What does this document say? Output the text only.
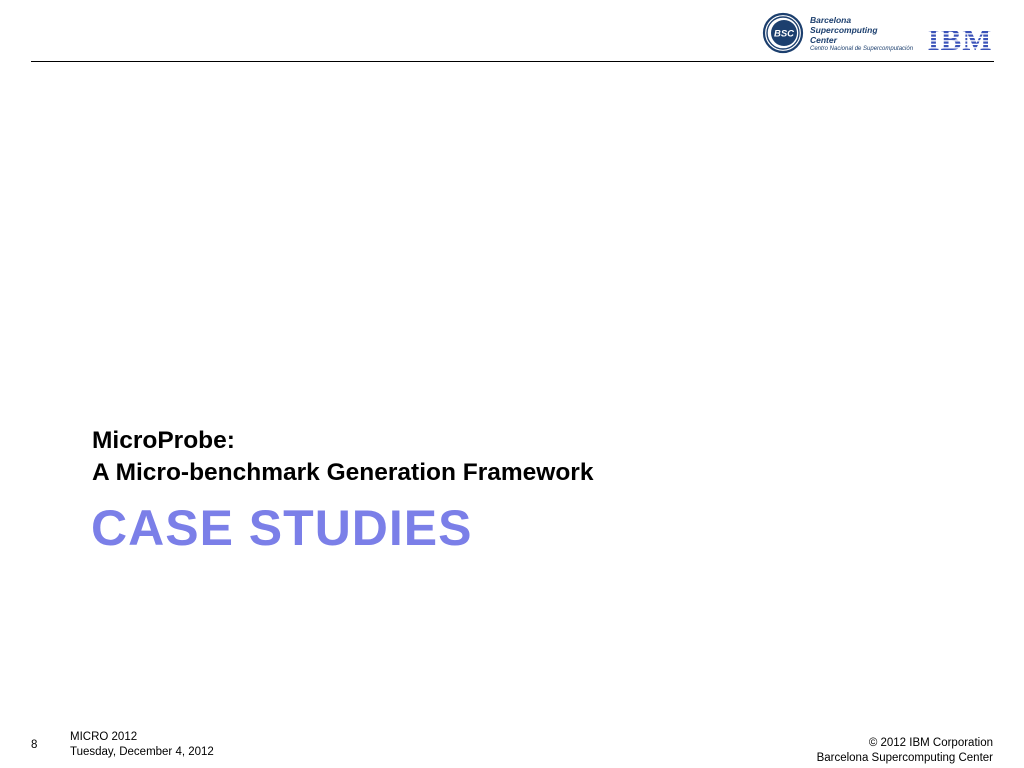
BSC
Barcelona
Supercomputing
Center
Centro Nacional de Supercomputación IBM
MicroProbe:
A Micro-benchmark Generation Framework
CASE STUDIES
8
MICRO 2012
Tuesday, December 4, 2012
© 2012 IBM Corporation
Barcelona Supercomputing Center
